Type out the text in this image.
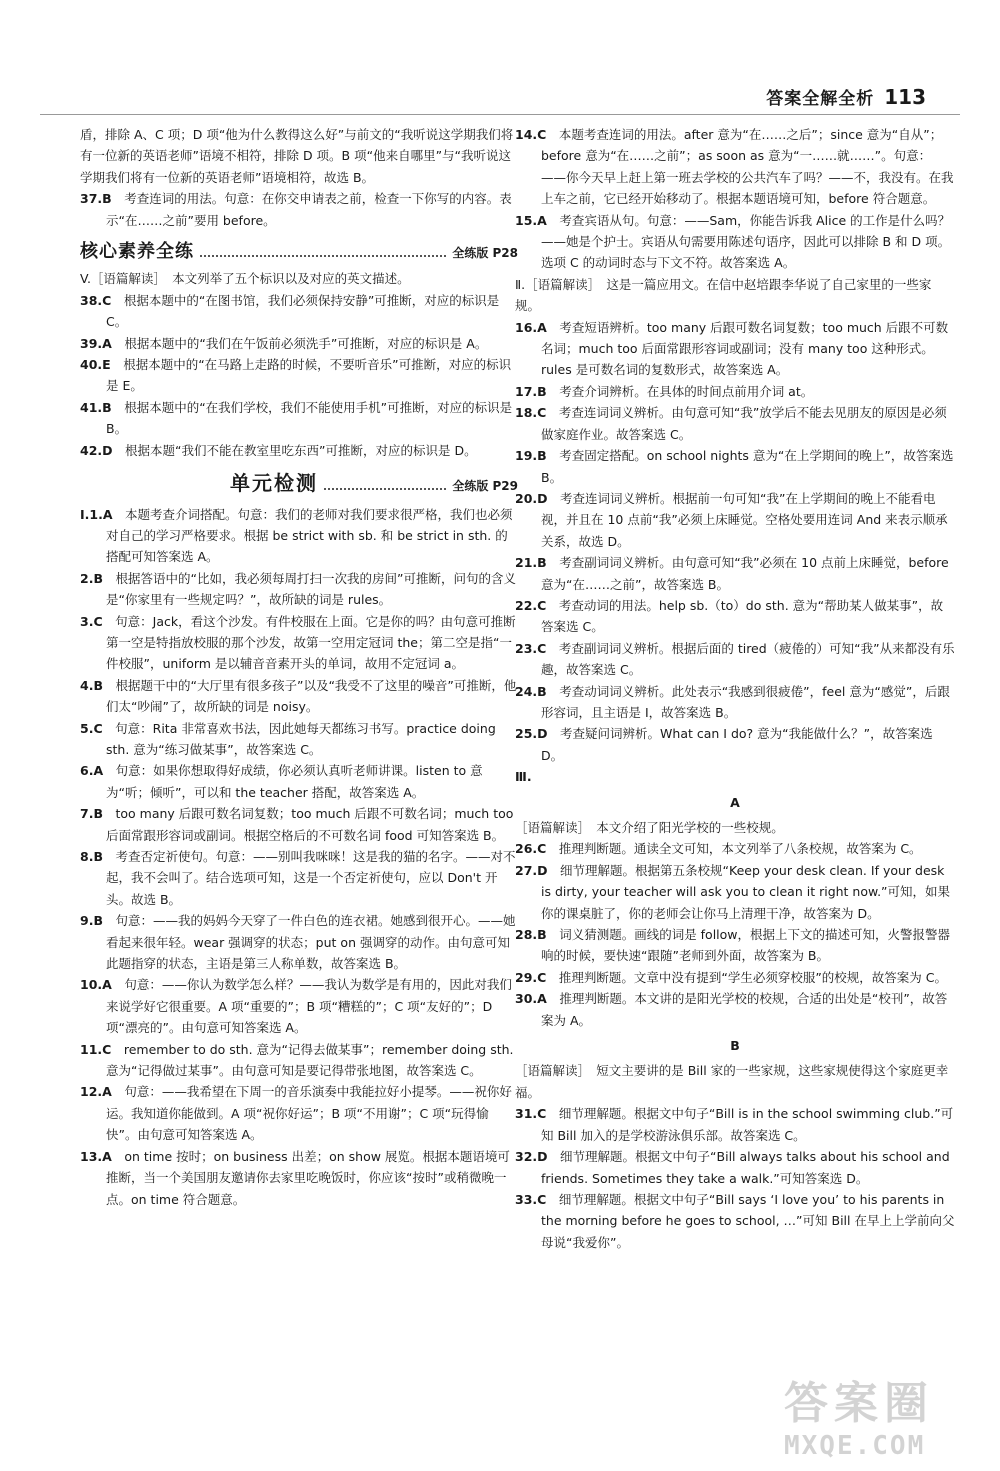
答案全解全析 113

盾，排除 A、C 项；D 项“他为什么教得这么好”与前文的“我听说这学期我们将有一位新的英语老师”语境不相符，排除 D 项。B 项“他来自哪里”与“我听说这学期我们将有一位新的英语老师”语境相符，故选 B。

37.B　 考查连词的用法。句意：在你交申请表之前，检查一下你写的内容。表示“在……之前”要用 before。

核心素养全练	全练版 P28

V.［语篇解读］　本文列举了五个标识以及对应的英文描述。

38.C　 根据本题中的“在图书馆，我们必须保持安静”可推断，对应的标识是 C。

39.A　 根据本题中的“我们在午饭前必须洗手”可推断，对应的标识是 A。

40.E　 根据本题中的“在马路上走路的时候，不要听音乐”可推断，对应的标识是 E。

41.B　 根据本题中的“在我们学校，我们不能使用手机”可推断，对应的标识是 B。

42.D　 根据本题“我们不能在教室里吃东西”可推断，对应的标识是 D。

单元检测	全练版 P29

Ⅰ.1.A　 本题考查介词搭配。句意：我们的老师对我们要求很严格，我们也必须对自己的学习严格要求。根据 be strict with sb. 和 be strict in sth. 的搭配可知答案选 A。

2.B　 根据答语中的“比如，我必须每周打扫一次我的房间”可推断，问句的含义是“你家里有一些规定吗？”，故所缺的词是 rules。

3.C　 句意：Jack，看这个沙发。有件校服在上面。它是你的吗？由句意可推断第一空是特指放校服的那个沙发，故第一空用定冠词 the；第二空是指“一件校服”，uniform 是以辅音音素开头的单词，故用不定冠词 a。

4.B　 根据题干中的“大厅里有很多孩子”以及“我受不了这里的噪音”可推断，他们太“吵闹”了，故所缺的词是 noisy。

5.C　 句意：Rita 非常喜欢书法，因此她每天都练习书写。practice doing sth. 意为“练习做某事”，故答案选 C。

6.A　 句意：如果你想取得好成绩，你必须认真听老师讲课。listen to 意为“听；倾听”，可以和 the teacher 搭配，故答案选 A。

7.B　 too many 后跟可数名词复数；too much 后跟不可数名词；much too 后面常跟形容词或副词。根据空格后的不可数名词 food 可知答案选 B。

8.B　 考查否定祈使句。句意：——别叫我咪咪！这是我的猫的名字。——对不起，我不会叫了。结合选项可知，这是一个否定祈使句，应以 Don't 开头。故选 B。

9.B　 句意：——我的妈妈今天穿了一件白色的连衣裙。她感到很开心。——她看起来很年轻。wear 强调穿的状态；put on 强调穿的动作。由句意可知此题指穿的状态，主语是第三人称单数，故答案选 B。

10.A　 句意：——你认为数学怎么样？——我认为数学是有用的，因此对我们来说学好它很重要。A 项“重要的”；B 项“糟糕的”；C 项“友好的”；D 项“漂亮的”。由句意可知答案选 A。

11.C　 remember to do sth. 意为“记得去做某事”；remember doing sth. 意为“记得做过某事”。由句意可知是要记得带张地图，故答案选 C。

12.A　 句意：——我希望在下周一的音乐演奏中我能拉好小提琴。——祝你好运。我知道你能做到。A 项“祝你好运”；B 项“不用谢”；C 项“玩得愉快”。由句意可知答案选 A。

13.A　 on time 按时；on business 出差；on show 展览。根据本题语境可推断，当一个美国朋友邀请你去家里吃晚饭时，你应该“按时”或稍微晚一点。on time 符合题意。

14.C　 本题考查连词的用法。after 意为“在……之后”；since 意为“自从”；before 意为“在……之前”；as soon as 意为“一……就……”。句意：——你今天早上赶上第一班去学校的公共汽车了吗？——不，我没有。在我上车之前，它已经开始移动了。根据本题语境可知，before 符合题意。

15.A　 考查宾语从句。句意：——Sam，你能告诉我 Alice 的工作是什么吗？——她是个护士。宾语从句需要用陈述句语序，因此可以排除 B 和 D 项。选项 C 的动词时态与下文不符。故答案选 A。

Ⅱ.［语篇解读］　这是一篇应用文。在信中赵培跟李华说了自己家里的一些家规。

16.A　 考查短语辨析。too many 后跟可数名词复数；too much 后跟不可数名词；much too 后面常跟形容词或副词；没有 many too 这种形式。rules 是可数名词的复数形式，故答案选 A。

17.B　 考查介词辨析。在具体的时间点前用介词 at。

18.C　 考查连词词义辨析。由句意可知“我”放学后不能去见朋友的原因是必须做家庭作业。故答案选 C。

19.B　 考查固定搭配。on school nights 意为“在上学期间的晚上”，故答案选 B。

20.D　 考查连词词义辨析。根据前一句可知“我”在上学期间的晚上不能看电视，并且在 10 点前“我”必须上床睡觉。空格处要用连词 And 来表示顺承关系，故选 D。

21.B　 考查副词词义辨析。由句意可知“我”必须在 10 点前上床睡觉，before 意为“在……之前”，故答案选 B。

22.C　 考查动词的用法。help sb.（to）do sth. 意为“帮助某人做某事”，故答案选 C。

23.C　 考查副词词义辨析。根据后面的 tired（疲倦的）可知“我”从来都没有乐趣，故答案选 C。

24.B　 考查动词词义辨析。此处表示“我感到很疲倦”，feel 意为“感觉”，后跟形容词，且主语是 I，故答案选 B。

25.D　 考查疑问词辨析。What can I do? 意为“我能做什么？”，故答案选 D。

Ⅲ.

A

［语篇解读］　本文介绍了阳光学校的一些校规。

26.C　 推理判断题。通读全文可知，本文列举了八条校规，故答案为 C。

27.D　 细节理解题。根据第五条校规“Keep your desk clean. If your desk is dirty, your teacher will ask you to clean it right now.”可知，如果你的课桌脏了，你的老师会让你马上清理干净，故答案为 D。

28.B　 词义猜测题。画线的词是 follow，根据上下文的描述可知，火警报警器响的时候，要快速“跟随”老师到外面，故答案为 B。

29.C　 推理判断题。文章中没有提到“学生必须穿校服”的校规，故答案为 C。

30.A　 推理判断题。本文讲的是阳光学校的校规，合适的出处是“校刊”，故答案为 A。

B

［语篇解读］　短文主要讲的是 Bill 家的一些家规，这些家规使得这个家庭更幸福。

31.C　 细节理解题。根据文中句子“Bill is in the school swimming club.”可知 Bill 加入的是学校游泳俱乐部。故答案选 C。

32.D　 细节理解题。根据文中句子“Bill always talks about his school and friends. Sometimes they take a walk.”可知答案选 D。

33.C　 细节理解题。根据文中句子“Bill says ‘I love you’ to his parents in the morning before he goes to school, …”可知 Bill 在早上上学前向父母说“我爱你”。

答案圈
MXQE.COM
